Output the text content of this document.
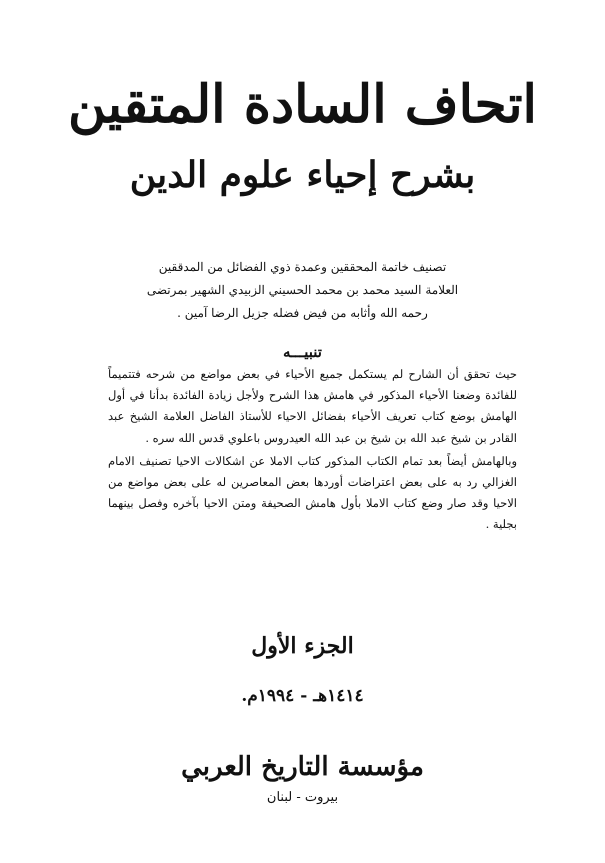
اتحاف السادة المتقين
بشرح إحياء علوم الدين
تصنيف خاتمة المحققين وعمدة ذوي الفضائل من المدققين
العلامة السيد محمد بن محمد الحسيني الزبيدي الشهير بمرتضى
رحمه الله وأثابه من فيض فضله جزيل الرضا آمين .
تنبيـــه

حيث تحقق أن الشارح لم يستكمل جميع الأحياء في بعض مواضع من شرحه فتتميماً للفائدة وضعنا الأحياء المذكور في هامش هذا الشرح ولأجل زيادة الفائدة بدأنا في أول الهامش بوضع كتاب تعريف الأحياء بفضائل الاحياء للأستاذ الفاضل العلامة الشيخ عبد القادر بن شيخ عبد الله بن شيخ بن عبد الله العيدروس باعلوي قدس الله سره .

وبالهامش أيضاً بعد تمام الكتاب المذكور كتاب الاملا عن اشكالات الاحيا تصنيف الامام الغزالي رد به على بعض اعتراضات أوردها بعض المعاصرين له على بعض مواضع من الاحيا وقد صار وضع كتاب الاملا بأول هامش الصحيفة ومتن الاحيا بآخره وفصل بينهما بجلية .

الجزء الأول
١٤١٤هـ - ١٩٩٤م.
مؤسسة التاريخ العربي
بيروت - لبنان
